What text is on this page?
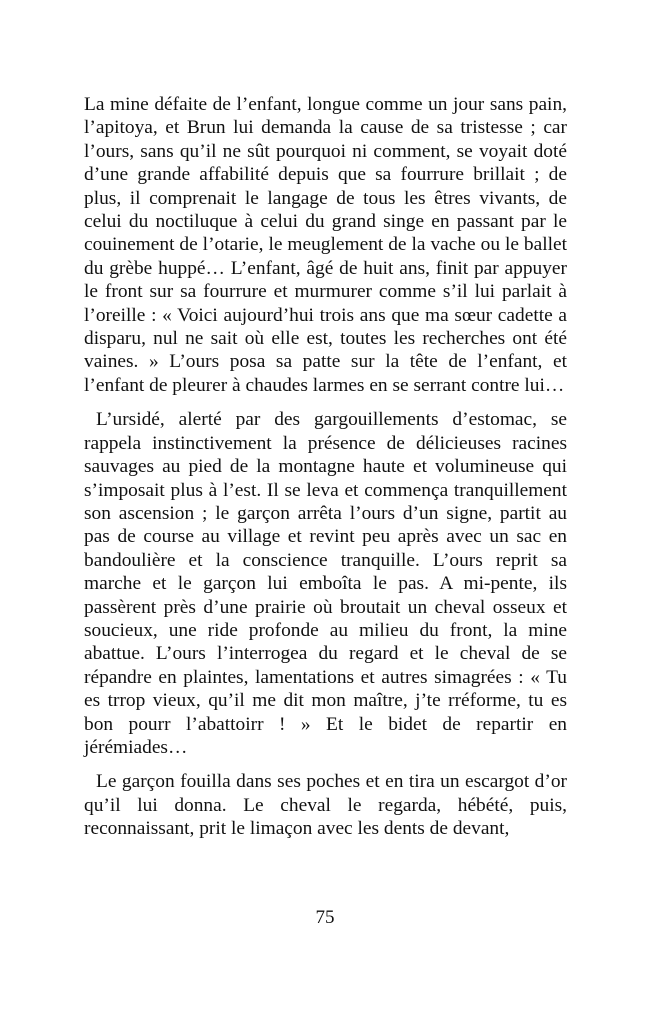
La mine défaite de l’enfant, longue comme un jour sans pain, l’apitoya, et Brun lui demanda la cause de sa tristesse ; car l’ours, sans qu’il ne sût pourquoi ni comment, se voyait doté d’une grande affabilité depuis que sa fourrure brillait ; de plus, il comprenait le langage de tous les êtres vivants, de celui du noctiluque à celui du grand singe en passant par le couinement de l’otarie, le meuglement de la vache ou le ballet du grèbe huppé… L’enfant, âgé de huit ans, finit par appuyer le front sur sa fourrure et murmurer comme s’il lui parlait à l’oreille : « Voici aujourd’hui trois ans que ma sœur cadette a disparu, nul ne sait où elle est, toutes les recherches ont été vaines. » L’ours posa sa patte sur la tête de l’enfant, et l’enfant de pleurer à chaudes larmes en se serrant contre lui…

L’ursidé, alerté par des gargouillements d’estomac, se rappela instinctivement la présence de délicieuses racines sauvages au pied de la montagne haute et volumineuse qui s’imposait plus à l’est. Il se leva et commença tranquillement son ascension ; le garçon arrêta l’ours d’un signe, partit au pas de course au village et revint peu après avec un sac en bandoulière et la conscience tranquille. L’ours reprit sa marche et le garçon lui emboîta le pas. A mi-pente, ils passèrent près d’une prairie où broutait un cheval osseux et soucieux, une ride profonde au milieu du front, la mine abattue. L’ours l’interrogea du regard et le cheval de se répandre en plaintes, lamentations et autres simagrées : « Tu es trrop vieux, qu’il me dit mon maître, j’te rréforme, tu es bon pourr l’abattoirr ! » Et le bidet de repartir en jérémiades…

Le garçon fouilla dans ses poches et en tira un escargot d’or qu’il lui donna. Le cheval le regarda, hébété, puis, reconnaissant, prit le limaçon avec les dents de devant,

75
